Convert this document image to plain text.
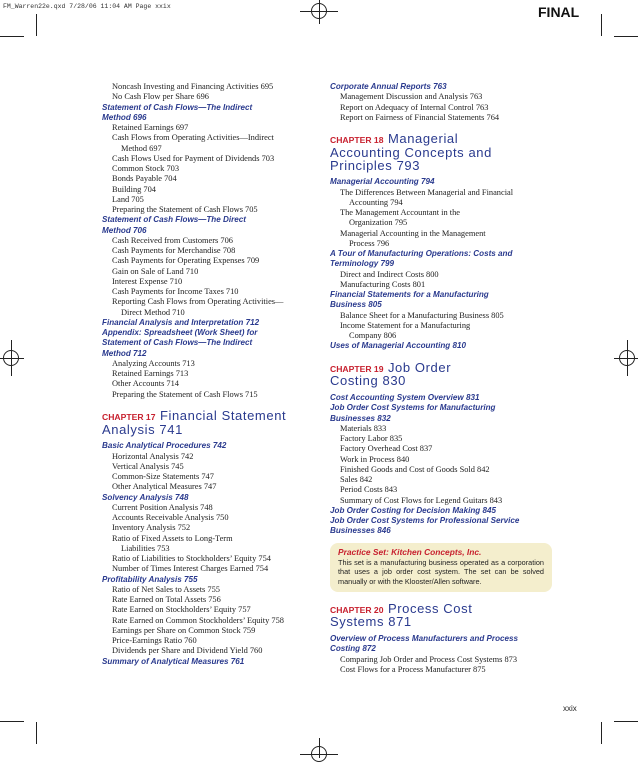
FM_Warren22e.qxd 7/28/06 11:04 AM Page xxix	FINAL
Noncash Investing and Financing Activities 695
No Cash Flow per Share 696
Statement of Cash Flows—The Indirect
Method 696
Retained Earnings 697
Cash Flows from Operating Activities—Indirect
Method 697
Cash Flows Used for Payment of Dividends 703
Common Stock 703
Bonds Payable 704
Building 704
Land 705
Preparing the Statement of Cash Flows 705
Statement of Cash Flows—The Direct
Method 706
Cash Received from Customers 706
Cash Payments for Merchandise 708
Cash Payments for Operating Expenses 709
Gain on Sale of Land 710
Interest Expense 710
Cash Payments for Income Taxes 710
Reporting Cash Flows from Operating Activities—
Direct Method 710
Financial Analysis and Interpretation 712
Appendix: Spreadsheet (Work Sheet) for
Statement of Cash Flows—The Indirect
Method 712
Analyzing Accounts 713
Retained Earnings 713
Other Accounts 714
Preparing the Statement of Cash Flows 715
CHAPTER 17 Financial Statement
Analysis 741
Basic Analytical Procedures 742
Horizontal Analysis 742
Vertical Analysis 745
Common-Size Statements 747
Other Analytical Measures 747
Solvency Analysis 748
Current Position Analysis 748
Accounts Receivable Analysis 750
Inventory Analysis 752
Ratio of Fixed Assets to Long-Term
Liabilities 753
Ratio of Liabilities to Stockholders’ Equity 754
Number of Times Interest Charges Earned 754
Profitability Analysis 755
Ratio of Net Sales to Assets 755
Rate Earned on Total Assets 756
Rate Earned on Stockholders’ Equity 757
Rate Earned on Common Stockholders’ Equity 758
Earnings per Share on Common Stock 759
Price-Earnings Ratio 760
Dividends per Share and Dividend Yield 760
Summary of Analytical Measures 761
Corporate Annual Reports 763
Management Discussion and Analysis 763
Report on Adequacy of Internal Control 763
Report on Fairness of Financial Statements 764
CHAPTER 18 Managerial
Accounting Concepts and
Principles 793
Managerial Accounting 794
The Differences Between Managerial and Financial
Accounting 794
The Management Accountant in the
Organization 795
Managerial Accounting in the Management
Process 796
A Tour of Manufacturing Operations: Costs and
Terminology 799
Direct and Indirect Costs 800
Manufacturing Costs 801
Financial Statements for a Manufacturing
Business 805
Balance Sheet for a Manufacturing Business 805
Income Statement for a Manufacturing
Company 806
Uses of Managerial Accounting 810
CHAPTER 19 Job Order
Costing 830
Cost Accounting System Overview 831
Job Order Cost Systems for Manufacturing
Businesses 832
Materials 833
Factory Labor 835
Factory Overhead Cost 837
Work in Process 840
Finished Goods and Cost of Goods Sold 842
Sales 842
Period Costs 843
Summary of Cost Flows for Legend Guitars 843
Job Order Costing for Decision Making 845
Job Order Cost Systems for Professional Service
Businesses 846
Practice Set: Kitchen Concepts, Inc.
This set is a manufacturing business operated as a corporation that uses a job order cost system. The set can be solved manually or with the Klooster/Allen software.
CHAPTER 20 Process Cost
Systems 871
Overview of Process Manufacturers and Process
Costing 872
Comparing Job Order and Process Cost Systems 873
Cost Flows for a Process Manufacturer 875
xxix
